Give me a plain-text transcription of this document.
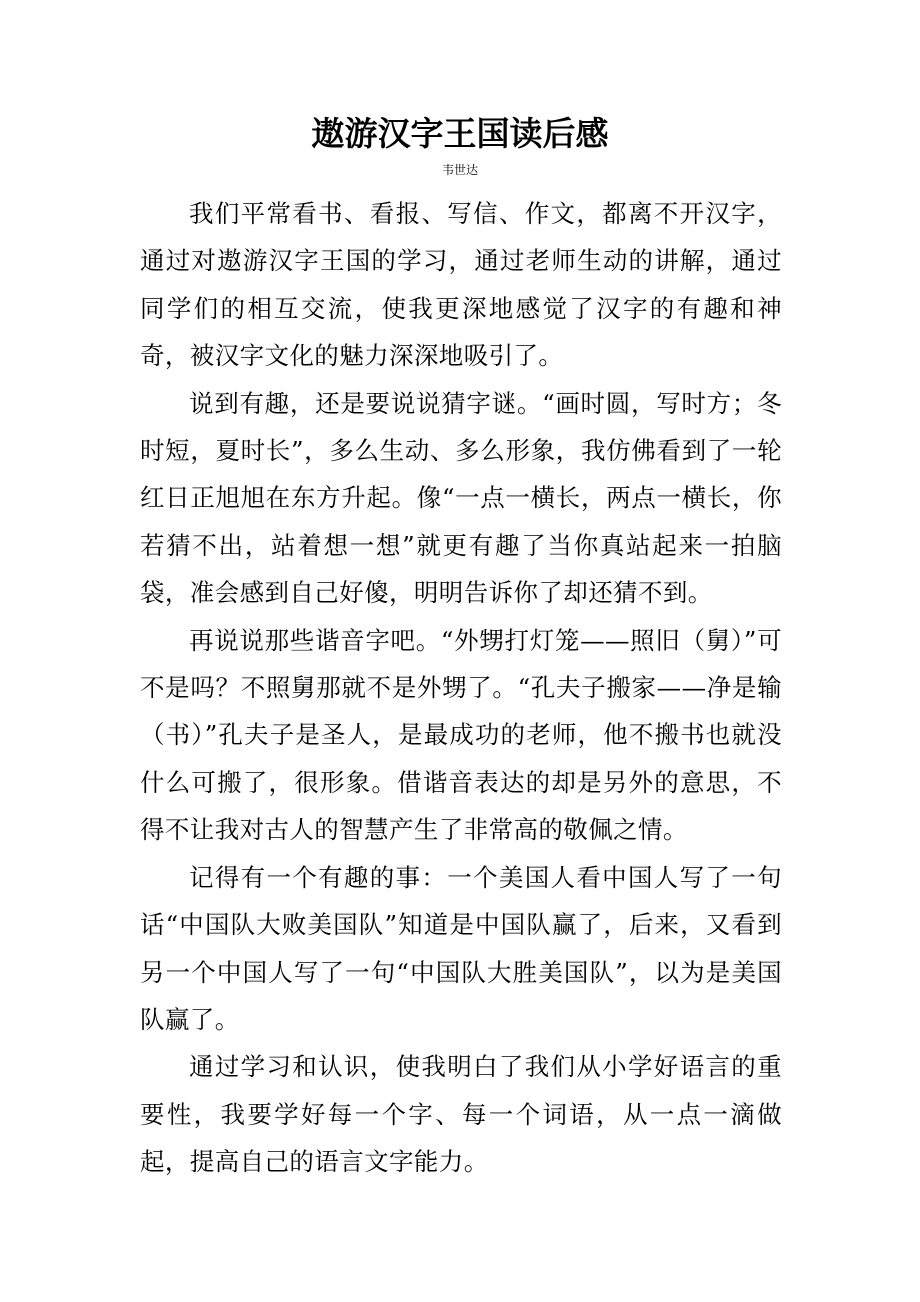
遨游汉字王国读后感
韦世达

我们平常看书、看报、写信、作文，都离不开汉字，通过对遨游汉字王国的学习，通过老师生动的讲解，通过同学们的相互交流，使我更深地感觉了汉字的有趣和神奇，被汉字文化的魅力深深地吸引了。

说到有趣，还是要说说猜字谜。“画时圆，写时方；冬时短，夏时长”，多么生动、多么形象，我仿佛看到了一轮红日正旭旭在东方升起。像“一点一横长，两点一横长，你若猜不出，站着想一想”就更有趣了当你真站起来一拍脑袋，准会感到自己好傻，明明告诉你了却还猜不到。

再说说那些谐音字吧。“外甥打灯笼——照旧（舅）”可不是吗？不照舅那就不是外甥了。“孔夫子搬家——净是输（书）”孔夫子是圣人，是最成功的老师，他不搬书也就没什么可搬了，很形象。借谐音表达的却是另外的意思，不得不让我对古人的智慧产生了非常高的敬佩之情。

记得有一个有趣的事：一个美国人看中国人写了一句话“中国队大败美国队”知道是中国队赢了，后来，又看到另一个中国人写了一句“中国队大胜美国队”，以为是美国队赢了。

通过学习和认识，使我明白了我们从小学好语言的重要性，我要学好每一个字、每一个词语，从一点一滴做起，提高自己的语言文字能力。
